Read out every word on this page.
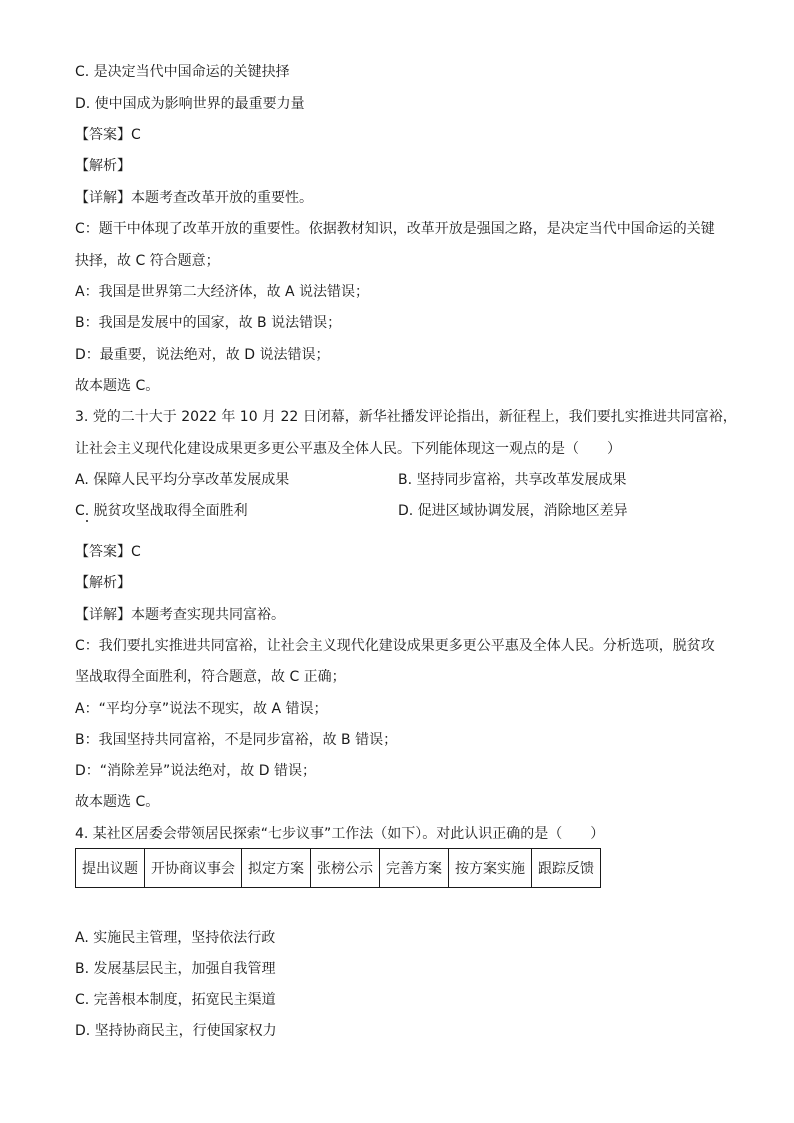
C. 是决定当代中国命运的关键抉择
D. 使中国成为影响世界的最重要力量
【答案】C
【解析】
【详解】本题考查改革开放的重要性。
C：题干中体现了改革开放的重要性。依据教材知识，改革开放是强国之路，是决定当代中国命运的关键
抉择，故 C 符合题意；
A：我国是世界第二大经济体，故 A 说法错误；
B：我国是发展中的国家，故 B 说法错误；
D：最重要，说法绝对，故 D 说法错误；
故本题选 C。
3. 党的二十大于 2022 年 10 月 22 日闭幕，新华社播发评论指出，新征程上，我们要扎实推进共同富裕，
让社会主义现代化建设成果更多更公平惠及全体人民。下列能体现这一观点的是（　　）
A. 保障人民平均分享改革发展成果	B. 坚持同步富裕，共享改革发展成果
C. 脱贫攻坚战取得全面胜利	D. 促进区域协调发展，消除地区差异
【答案】C
【解析】
【详解】本题考查实现共同富裕。
C：我们要扎实推进共同富裕，让社会主义现代化建设成果更多更公平惠及全体人民。分析选项，脱贫攻
坚战取得全面胜利，符合题意，故 C 正确；
A：“平均分享”说法不现实，故 A 错误；
B：我国坚持共同富裕，不是同步富裕，故 B 错误；
D：“消除差异”说法绝对，故 D 错误；
故本题选 C。
4. 某社区居委会带领居民探索“七步议事”工作法（如下）。对此认识正确的是（　　）
提出议题	开协商议事会	拟定方案	张榜公示	完善方案	按方案实施	跟踪反馈
A. 实施民主管理，坚持依法行政
B. 发展基层民主，加强自我管理
C. 完善根本制度，拓宽民主渠道
D. 坚持协商民主，行使国家权力
